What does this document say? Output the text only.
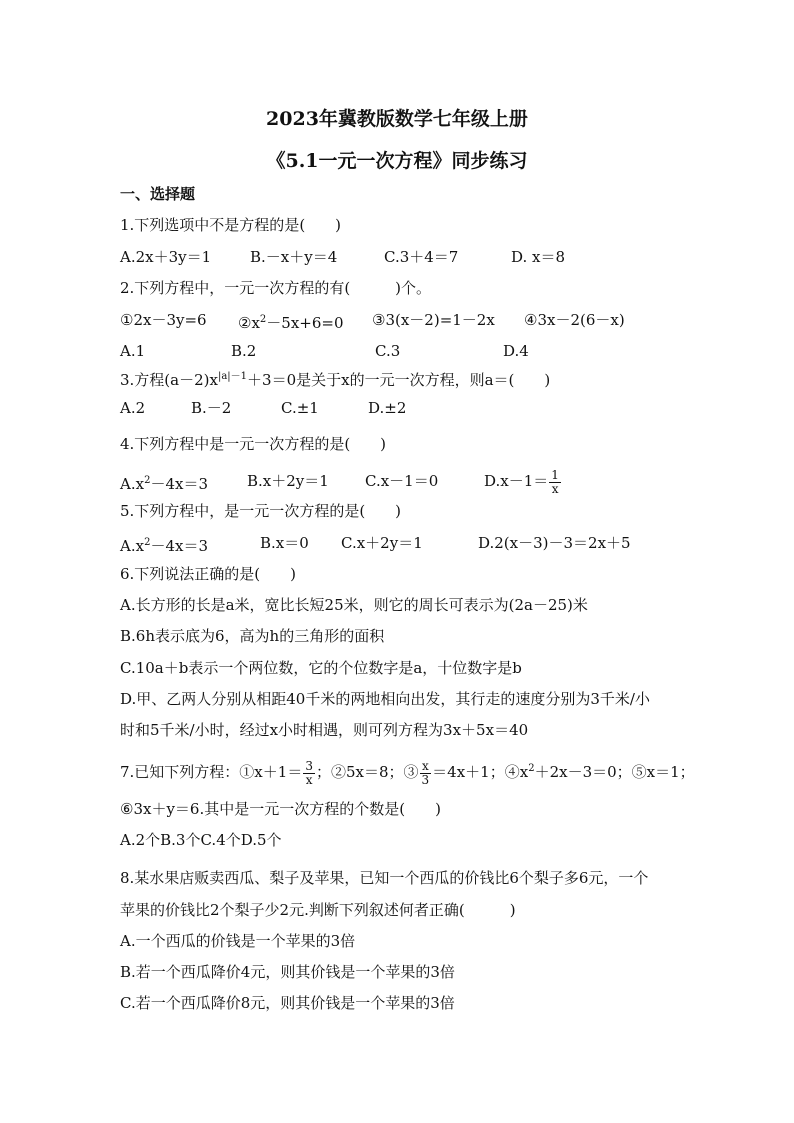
2023年冀教版数学七年级上册
《5.1一元一次方程》同步练习
一、选择题
1.下列选项中不是方程的是(　　)
A.2x＋3y＝1	B.－x＋y＝4	C.3＋4＝7	D. x＝8
2.下列方程中，一元一次方程的有(　　　)个。
①2x－3y=6 $②x^2-5x+6=0$ ③3(x－2)=1－2x ④3x－2(6－x)
A.1	B.2	C.3	D.4
3.方程$(a-2)x^{|a|-1}+3=0$是关于x的一元一次方程，则a＝(　　)
A.2	B.－2	C.±1	D.±2
4.下列方程中是一元一次方程的是(　　)
$A.x^2-4x=3$	B.x＋2y＝1 C.x－1＝0	$D.x-1= \frac{1}{x}$
5.下列方程中，是一元一次方程的是(　　)
$A.x^2-4x=3$	B.x＝0 C.x＋2y＝1	D.2(x－3)－3＝2x＋5
6.下列说法正确的是(　　)
A.长方形的长是a米，宽比长短25米，则它的周长可表示为(2a－25)米
B.6h表示底为6，高为h的三角形的面积
C.10a＋b表示一个两位数，它的个位数字是a，十位数字是b
D.甲、乙两人分别从相距40千米的两地相向出发，其行走的速度分别为3千米/小
时和5千米/小时，经过x小时相遇，则可列方程为3x＋5x＝40
7.已知下列方程：①x＋1＝ $\frac{3}{x}$ ；②5x＝8；③ $\frac{x}{3} =4x+1$；$④x^2+2x-3=0$；⑤x＝1；
⑥3x＋y＝6.其中是一元一次方程的个数是(　　)
A.2个B.3个C.4个D.5个
8.某水果店贩卖西瓜、梨子及苹果，已知一个西瓜的价钱比6个梨子多6元，一个
苹果的价钱比2个梨子少2元.判断下列叙述何者正确(　　　)
A.一个西瓜的价钱是一个苹果的3倍
B.若一个西瓜降价4元，则其价钱是一个苹果的3倍
C.若一个西瓜降价8元，则其价钱是一个苹果的3倍
